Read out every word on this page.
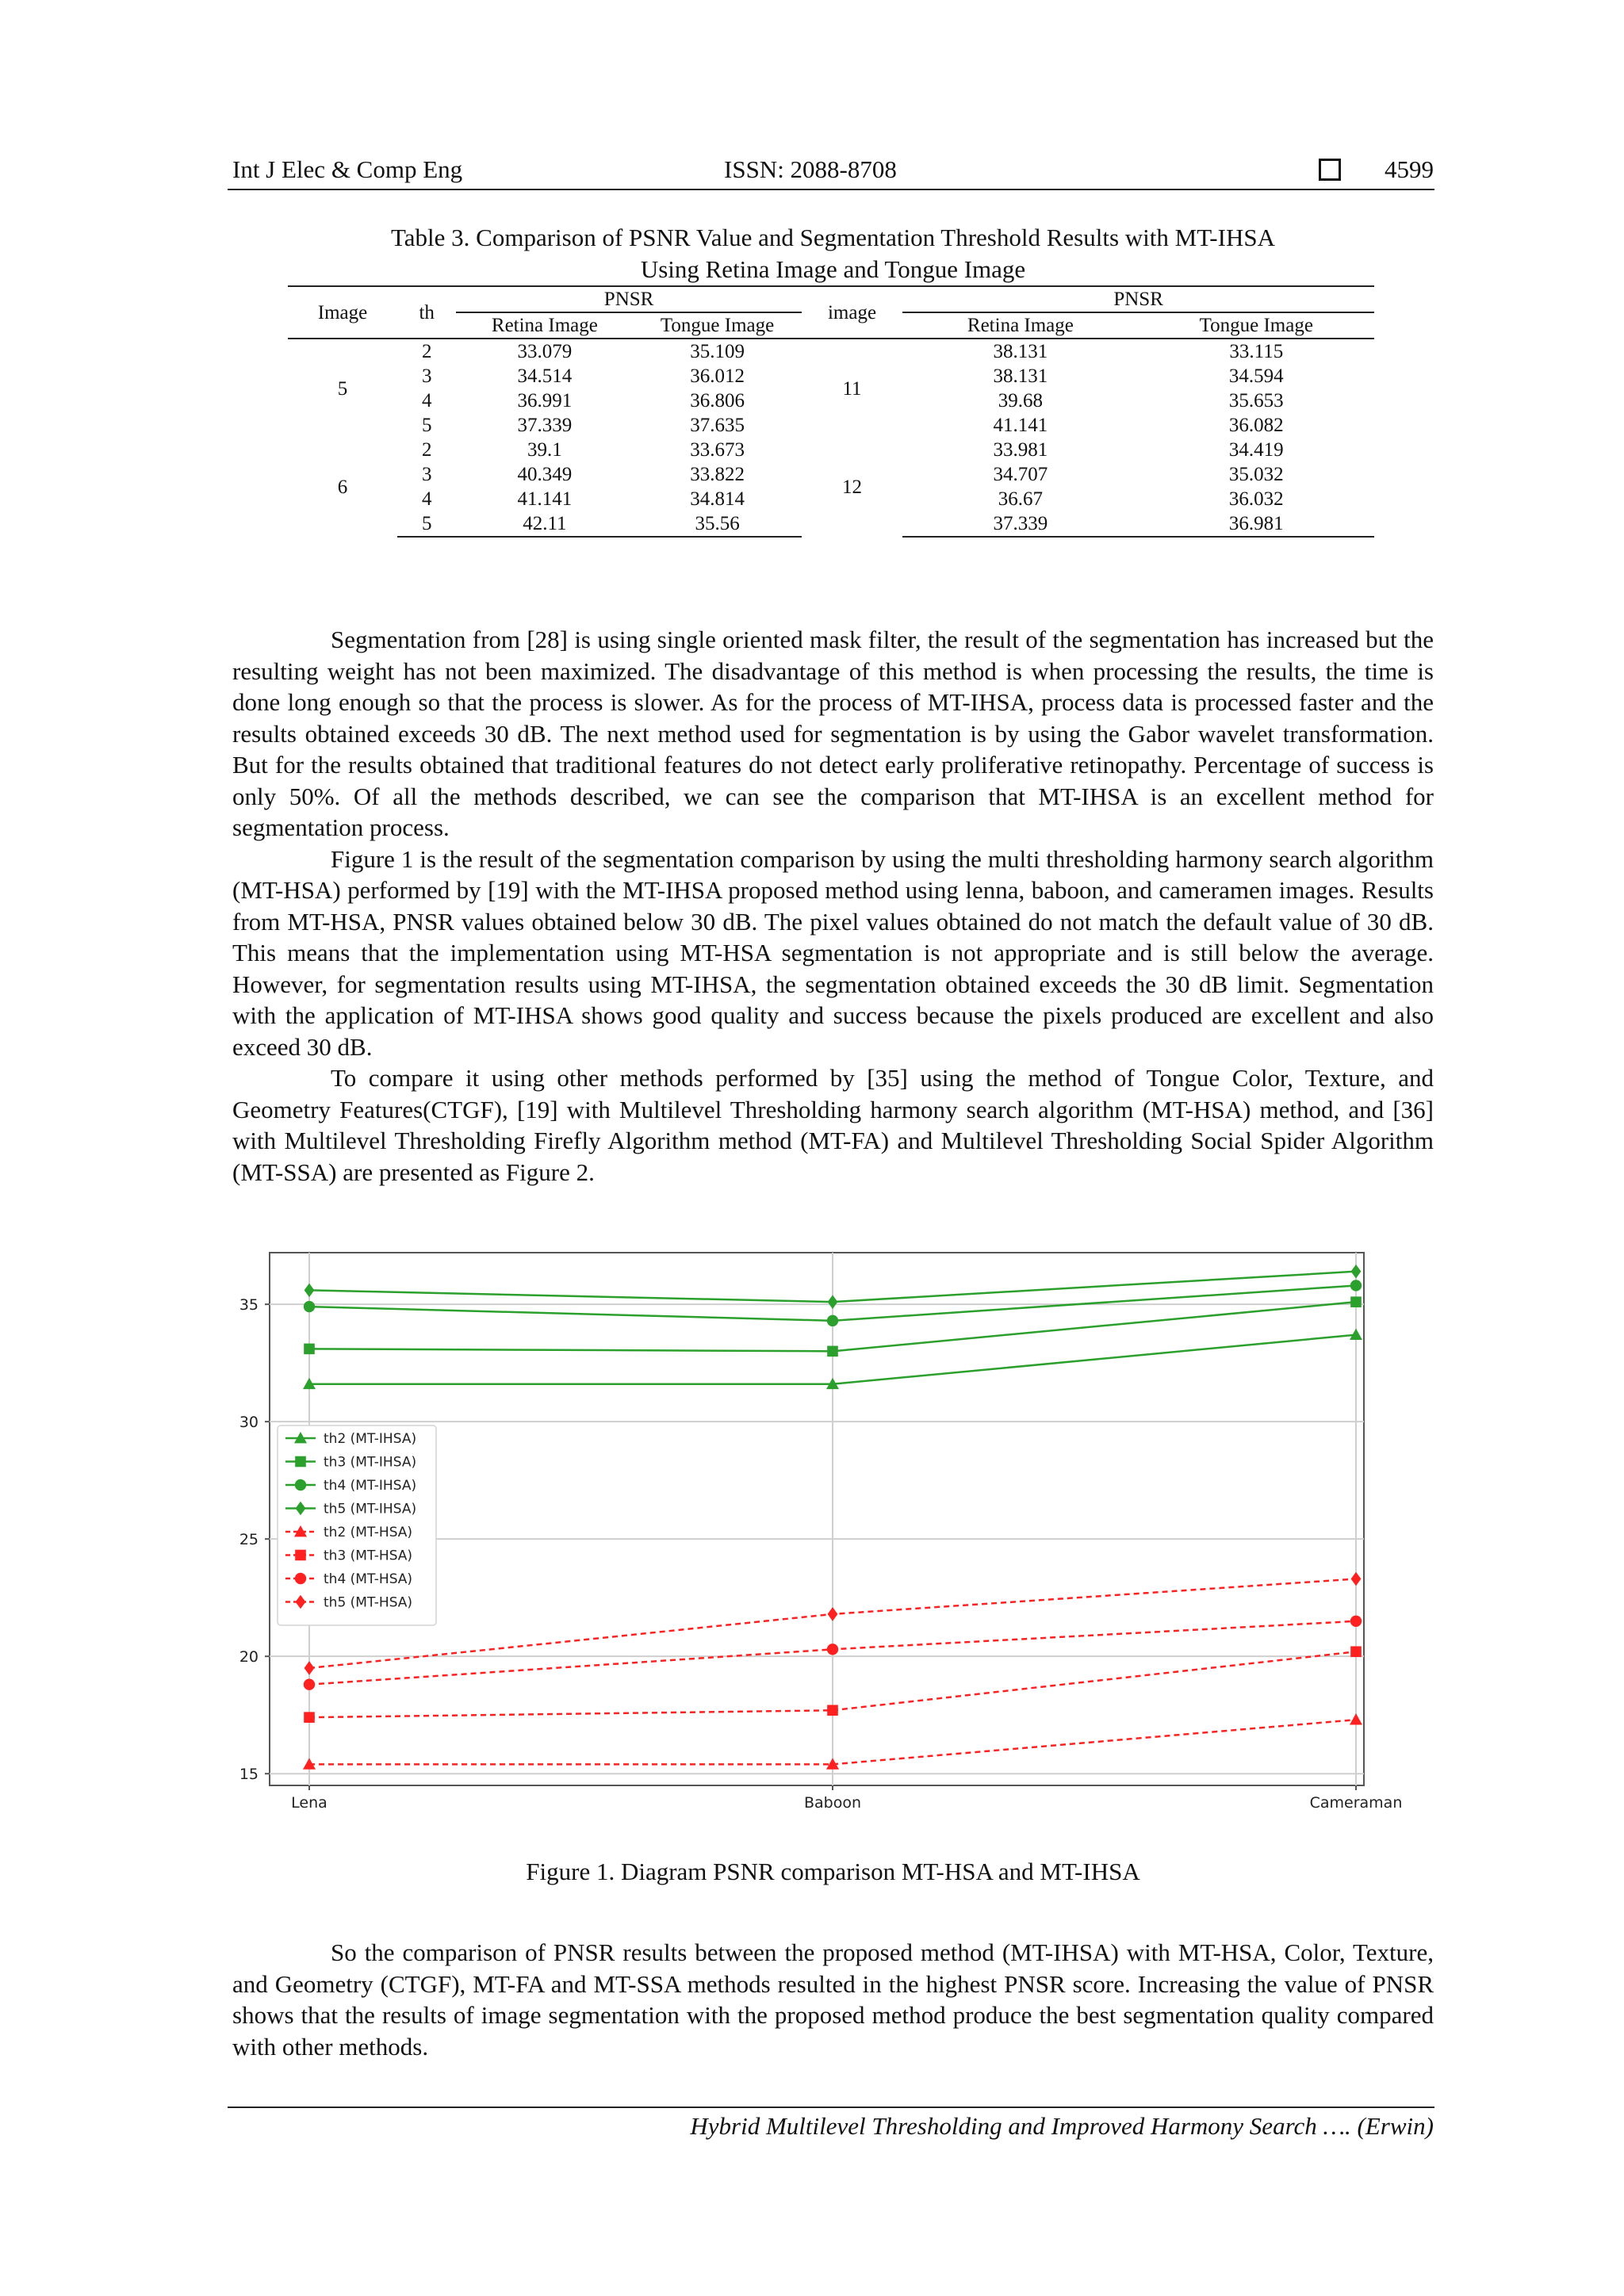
Int J Elec & Comp Eng	ISSN: 2088-8708	4599
Table 3. Comparison of PSNR Value and Segmentation Threshold Results with MT-IHSA
Using Retina Image and Tongue Image
Image	th	PNSR		image	PNSR	
		Retina Image	Tongue Image		Retina Image	Tongue Image
5	2	33.079	35.109	11	38.131	33.115
	3	34.514	36.012		38.131	34.594
	4	36.991	36.806		39.68	35.653
	5	37.339	37.635		41.141	36.082
6	2	39.1	33.673	12	33.981	34.419
	3	40.349	33.822		34.707	35.032
	4	41.141	34.814		36.67	36.032
	5	42.11	35.56		37.339	36.981

Segmentation from [28] is using single oriented mask filter, the result of the segmentation has increased but the resulting weight has not been maximized. The disadvantage of this method is when processing the results, the time is done long enough so that the process is slower. As for the process of MT-IHSA, process data is processed faster and the results obtained exceeds 30 dB. The next method used for segmentation is by using the Gabor wavelet transformation. But for the results obtained that traditional features do not detect early proliferative retinopathy. Percentage of success is only 50%. Of all the methods described, we can see the comparison that MT-IHSA is an excellent method for segmentation process.

Figure 1 is the result of the segmentation comparison by using the multi thresholding harmony search algorithm (MT-HSA) performed by [19] with the MT-IHSA proposed method using lenna, baboon, and cameramen images. Results from MT-HSA, PNSR values obtained below 30 dB. The pixel values obtained do not match the default value of 30 dB. This means that the implementation using MT-HSA segmentation is not appropriate and is still below the average. However, for segmentation results using MT-IHSA, the segmentation obtained exceeds the 30 dB limit. Segmentation with the application of MT-IHSA shows good quality and success because the pixels produced are excellent and also exceed 30 dB.

To compare it using other methods performed by [35] using the method of Tongue Color, Texture, and Geometry Features(CTGF), [19] with Multilevel Thresholding harmony search algorithm (MT-HSA) method, and [36] with Multilevel Thresholding Firefly Algorithm method (MT-FA) and Multilevel Thresholding Social Spider Algorithm (MT-SSA) are presented as Figure 2.

15
20
25
30
35
Lena	Baboon	Cameraman
th2 (MT-IHSA)
th3 (MT-IHSA)
th4 (MT-IHSA)
th5 (MT-IHSA)
th2 (MT-HSA)
th3 (MT-HSA)
th4 (MT-HSA)
th5 (MT-HSA)
Figure 1. Diagram PSNR comparison MT-HSA and MT-IHSA

So the comparison of PNSR results between the proposed method (MT-IHSA) with MT-HSA, Color, Texture, and Geometry (CTGF), MT-FA and MT-SSA methods resulted in the highest PNSR score. Increasing the value of PNSR shows that the results of image segmentation with the proposed method produce the best segmentation quality compared with other methods.

Hybrid Multilevel Thresholding and Improved Harmony Search …. (Erwin)
